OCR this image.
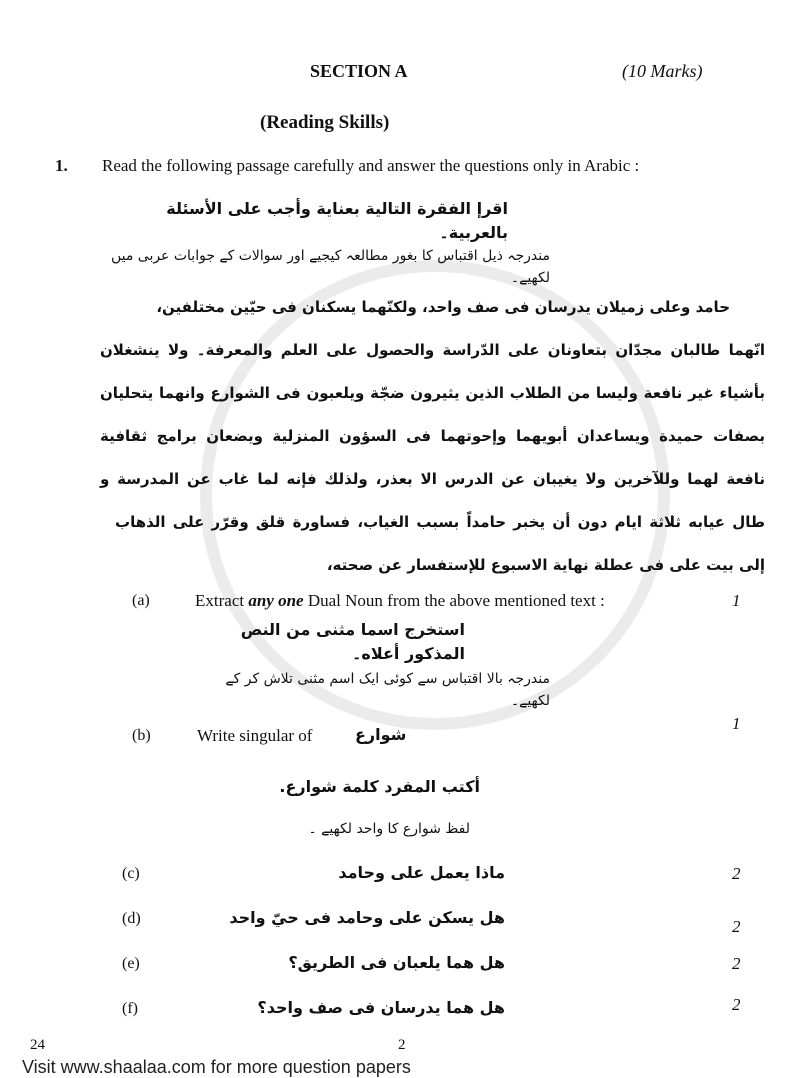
SECTION A	(10 Marks)
(Reading Skills)
1.	Read the following passage carefully and answer the questions only in Arabic :
اقرإ الفقرة التالية بعناية وأجب على الأسئلة بالعربية۔
مندرجہ ذیل اقتباس کا بغور مطالعہ کیجیے اور سوالات کے جوابات عربی میں لکھیے۔
حامد وعلى زميلان يدرسان فى صف واحد، ولكنّهما يسكنان فى حيّين مختلفين،
انّهما طالبان مجدّان بتعاونان على الدّراسة والحصول على العلم والمعرفة۔ ولا ينشغلان
بأشياء غير نافعة وليسا من الطلاب الذين يثيرون ضجّة ويلعبون فى الشوارع وانهما يتحليان
بصفات حميدة ويساعدان أبويهما وإحوتهما فى السؤون المنزلية ويضعان برامج ثقافية
نافعة لهما وللآخرين ولا يغيبان عن الدرس الا بعذر، ولذلك فإنه لما غاب عن المدرسة و
طال عيابه ثلاثة ايام دون أن يخبر حامداً بسبب الغياب، فساورة قلق وقرّر على الذهاب
إلى بيت على فى عطلة نهاية الاسبوع للإستفسار عن صحته،
(a)	Extract any one Dual Noun from the above mentioned text :	1
استخرج اسما مثنى من النص المذكور أعلاه۔
مندرجہ بالا اقتباس سے کوئی ایک اسم مثنی تلاش کر کے لکھیے۔
(b)	Write singular of	شوارع
1
أكتب المفرد كلمة شوارع.
لفظ شوارع کا واحد لکھیے ۔
(c)	ماذا يعمل على وحامد	2
(d)	هل يسكن على وحامد فى حيّ واحد	2
(e)	هل هما يلعبان فى الطريق؟	2
(f)	هل هما يدرسان فى صف واحد؟	2
24	2
Visit www.shaalaa.com for more question papers
